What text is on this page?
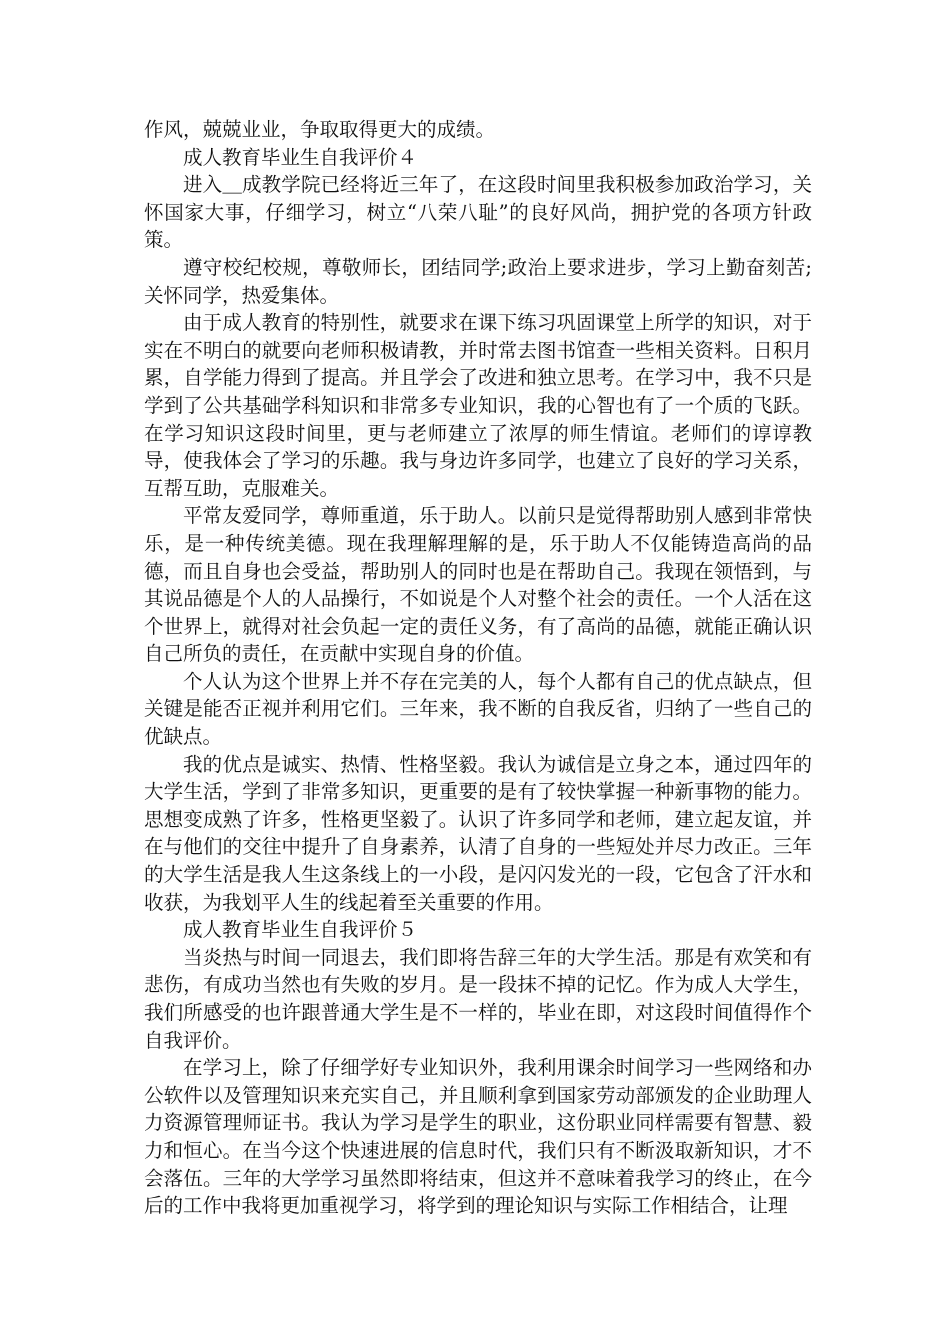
作风，兢兢业业，争取取得更大的成绩。

成人教育毕业生自我评价４

进入＿成教学院已经将近三年了，在这段时间里我积极参加政治学习，关怀国家大事，仔细学习，树立“八荣八耻”的良好风尚，拥护党的各项方针政策。

遵守校纪校规，尊敬师长，团结同学;政治上要求进步，学习上勤奋刻苦;关怀同学，热爱集体。

由于成人教育的特别性，就要求在课下练习巩固课堂上所学的知识，对于实在不明白的就要向老师积极请教，并时常去图书馆查一些相关资料。日积月累，自学能力得到了提高。并且学会了改进和独立思考。在学习中，我不只是学到了公共基础学科知识和非常多专业知识，我的心智也有了一个质的飞跃。在学习知识这段时间里，更与老师建立了浓厚的师生情谊。老师们的谆谆教导，使我体会了学习的乐趣。我与身边许多同学，也建立了良好的学习关系，互帮互助，克服难关。

平常友爱同学，尊师重道，乐于助人。以前只是觉得帮助别人感到非常快乐，是一种传统美德。现在我理解理解的是，乐于助人不仅能铸造高尚的品德，而且自身也会受益，帮助别人的同时也是在帮助自己。我现在领悟到，与其说品德是个人的人品操行，不如说是个人对整个社会的责任。一个人活在这个世界上，就得对社会负起一定的责任义务，有了高尚的品德，就能正确认识自己所负的责任，在贡献中实现自身的价值。

个人认为这个世界上并不存在完美的人，每个人都有自己的优点缺点，但关键是能否正视并利用它们。三年来，我不断的自我反省，归纳了一些自己的优缺点。

我的优点是诚实、热情、性格坚毅。我认为诚信是立身之本，通过四年的大学生活，学到了非常多知识，更重要的是有了较快掌握一种新事物的能力。思想变成熟了许多，性格更坚毅了。认识了许多同学和老师，建立起友谊，并在与他们的交往中提升了自身素养，认清了自身的一些短处并尽力改正。三年的大学生活是我人生这条线上的一小段，是闪闪发光的一段，它包含了汗水和收获，为我划平人生的线起着至关重要的作用。

成人教育毕业生自我评价５

当炎热与时间一同退去，我们即将告辞三年的大学生活。那是有欢笑和有悲伤，有成功当然也有失败的岁月。是一段抹不掉的记忆。作为成人大学生，我们所感受的也许跟普通大学生是不一样的，毕业在即，对这段时间值得作个自我评价。

在学习上，除了仔细学好专业知识外，我利用课余时间学习一些网络和办公软件以及管理知识来充实自己，并且顺利拿到国家劳动部颁发的企业助理人力资源管理师证书。我认为学习是学生的职业，这份职业同样需要有智慧、毅力和恒心。在当今这个快速进展的信息时代，我们只有不断汲取新知识，才不会落伍。三年的大学学习虽然即将结束，但这并不意味着我学习的终止，在今后的工作中我将更加重视学习，将学到的理论知识与实际工作相结合，让理
